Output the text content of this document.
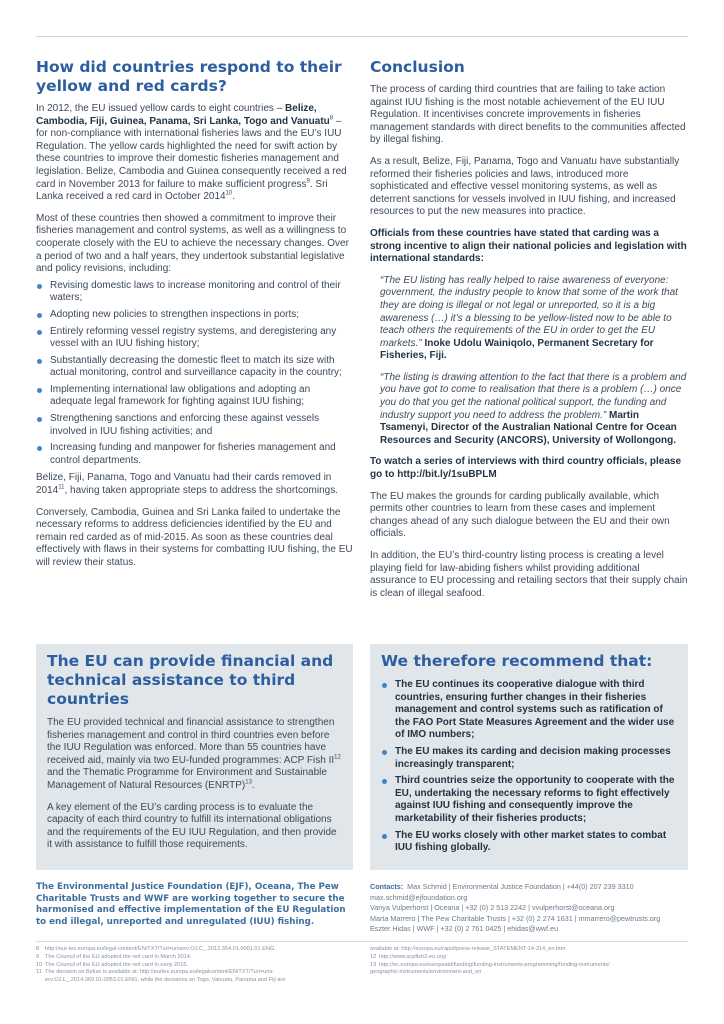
How did countries respond to their yellow and red cards?

In 2012, the EU issued yellow cards to eight countries – Belize, Cambodia, Fiji, Guinea, Panama, Sri Lanka, Togo and Vanuatu$^8$ – for non-compliance with international fisheries laws and the EU’s IUU Regulation. The yellow cards highlighted the need for swift action by these countries to improve their domestic fisheries management and legislation. Belize, Cambodia and Guinea consequently received a red card in November 2013 for failure to make sufficient progress$^9$. Sri Lanka received a red card in October 2014$^{10}$.

Most of these countries then showed a commitment to improve their fisheries management and control systems, as well as a willingness to cooperate closely with the EU to achieve the necessary changes. Over a period of two and a half years, they undertook substantial legislative and policy revisions, including:

Revising domestic laws to increase monitoring and control of their waters;
Adopting new policies to strengthen inspections in ports;
Entirely reforming vessel registry systems, and deregistering any vessel with an IUU fishing history;
Substantially decreasing the domestic fleet to match its size with actual monitoring, control and surveillance capacity in the country;
Implementing international law obligations and adopting an adequate legal framework for fighting against IUU fishing;
Strengthening sanctions and enforcing these against vessels involved in IUU fishing activities; and
Increasing funding and manpower for fisheries management and control departments.

Belize, Fiji, Panama, Togo and Vanuatu had their cards removed in 2014$^{11}$, having taken appropriate steps to address the shortcomings.

Conversely, Cambodia, Guinea and Sri Lanka failed to undertake the necessary reforms to address deficiencies identified by the EU and remain red carded as of mid-2015. As soon as these countries deal effectively with flaws in their systems for combatting IUU fishing, the EU will review their status.

Conclusion

The process of carding third countries that are failing to take action against IUU fishing is the most notable achievement of the EU IUU Regulation. It incentivises concrete improvements in fisheries management standards with direct benefits to the communities affected by illegal fishing.

As a result, Belize, Fiji, Panama, Togo and Vanuatu have substantially reformed their fisheries policies and laws, introduced more sophisticated and effective vessel monitoring systems, as well as deterrent sanctions for vessels involved in IUU fishing, and increased resources to put the new measures into practice.

Officials from these countries have stated that carding was a strong incentive to align their national policies and legislation with international standards:

“The EU listing has really helped to raise awareness of everyone: government, the industry people to know that some of the work that they are doing is illegal or not legal or unreported, so it is a big awareness (…) it’s a blessing to be yellow-listed now to be able to teach others the requirements of the EU in order to get the EU markets.” Inoke Udolu Wainiqolo, Permanent Secretary for Fisheries, Fiji.

“The listing is drawing attention to the fact that there is a problem and you have got to come to realisation that there is a problem (…) once you do that you get the national political support, the funding and industry support you need to address the problem.” Martin Tsamenyi, Director of the Australian National Centre for Ocean Resources and Security (ANCORS), University of Wollongong.

To watch a series of interviews with third country officials, please go to http://bit.ly/1suBPLM

The EU makes the grounds for carding publically available, which permits other countries to learn from these cases and implement changes ahead of any such dialogue between the EU and their own officials.

In addition, the EU’s third-country listing process is creating a level playing field for law-abiding fishers whilst providing additional assurance to EU processing and retailing sectors that their supply chain is clean of illegal seafood.

The EU can provide financial and technical assistance to third countries

The EU provided technical and financial assistance to strengthen fisheries management and control in third countries even before the IUU Regulation was enforced. More than 55 countries have received aid, mainly via two EU-funded programmes: ACP Fish II$^{12}$ and the Thematic Programme for Environment and Sustainable Management of Natural Resources (ENRTP)$^{13}$.

A key element of the EU’s carding process is to evaluate the capacity of each third country to fulfill its international obligations and the requirements of the EU IUU Regulation, and then provide it with assistance to fulfill those requirements.

We therefore recommend that:
The EU continues its cooperative dialogue with third countries, ensuring further changes in their fisheries management and control systems such as ratification of the FAO Port State Measures Agreement and the wider use of IMO numbers;
The EU makes its carding and decision making processes increasingly transparent;
Third countries seize the opportunity to cooperate with the EU, undertaking the necessary reforms to fight effectively against IUU fishing and consequently improve the marketability of their fisheries products;
The EU works closely with other market states to combat IUU fishing globally.

The Environmental Justice Foundation (EJF), Oceana, The Pew Charitable Trusts and WWF are working together to secure the harmonised and effective implementation of the EU Regulation to end illegal, unreported and unregulated (IUU) fishing.

Contacts: Max Schmid | Environmental Justice Foundation | +44(0) 207 239 3310
max.schmid@ejfoundation.org
Vanya Vulperhorst | Oceana | +32 (0) 2 513 2242 | vvulperhorst@oceana.org
Marta Marrero | The Pew Charitable Trusts | +32 (0) 2 274 1631 | mmarrero@pewtrusts.org
Eszter Hidas | WWF | +32 (0) 2 761 0425 | ehidas@wwf.eu
8 http://eur-lex.europa.eu/legal-content/EN/TXT/?uri=uriserv:OJ.C_.2012.354.01.0001.01.ENG
9 The Council of the EU adopted the red card in March 2014.
10 The Council of the EU adopted the red card in early 2015.
11 The decision on Belize is available at: http://eurlex.europa.eu/legalcontent/EN/TXT/?uri=uris-
erv:OJ.L_.2014.360.01.0053.01.ENG, while the decisions on Togo, Vanuatu, Panama and Fiji are
available at: http://europa.eu/rapid/press-release_STATEMENT-14-314_en.htm
12 http://www.acpfish2-eu.org/
13 http://ec.europa.eu/europeaid/funding/funding-instruments-programming/funding-instruments/
geographic-instruments/environment-and_en
